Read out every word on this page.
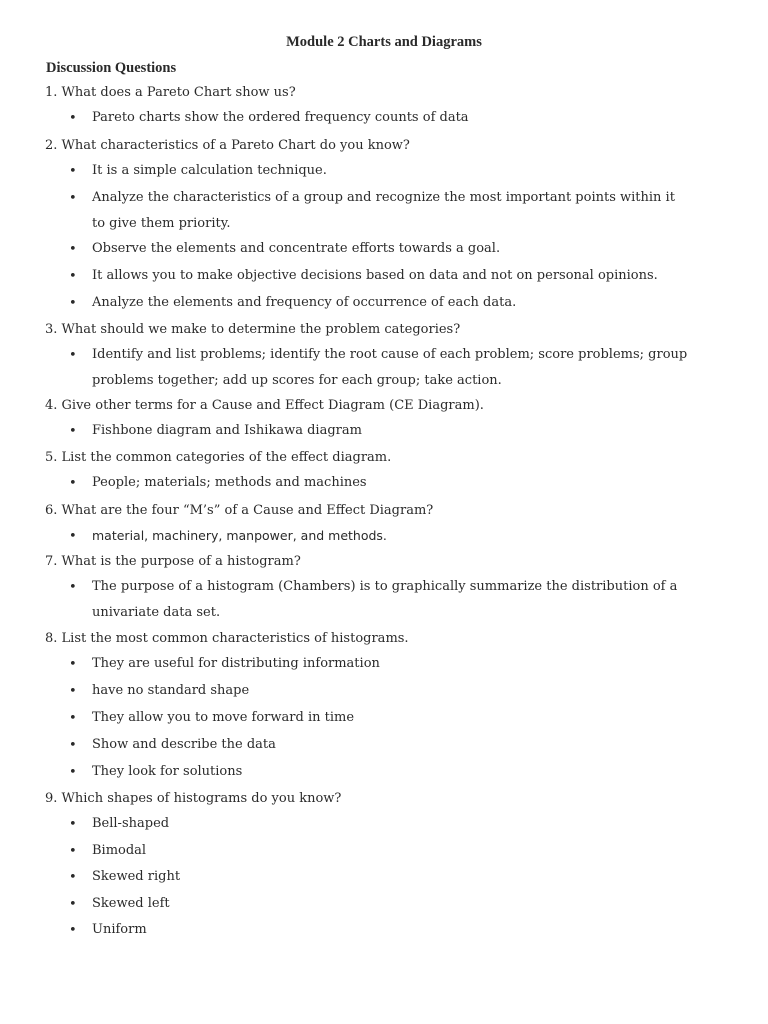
Module 2 Charts and Diagrams
Discussion Questions
1. What does a Pareto Chart show us?
• Pareto charts show the ordered frequency counts of data
2. What characteristics of a Pareto Chart do you know?
• It is a simple calculation technique.
• Analyze the characteristics of a group and recognize the most important points within it to give them priority.
• Observe the elements and concentrate efforts towards a goal.
• It allows you to make objective decisions based on data and not on personal opinions.
• Analyze the elements and frequency of occurrence of each data.
3. What should we make to determine the problem categories?
• Identify and list problems; identify the root cause of each problem; score problems; group problems together; add up scores for each group; take action.
4. Give other terms for a Cause and Effect Diagram (CE Diagram).
• Fishbone diagram and Ishikawa diagram
5. List the common categories of the effect diagram.
• People; materials; methods and machines
6. What are the four “M’s” of a Cause and Effect Diagram?
• material, machinery, manpower, and methods.
7. What is the purpose of a histogram?
• The purpose of a histogram (Chambers) is to graphically summarize the distribution of a univariate data set.
8. List the most common characteristics of histograms.
• They are useful for distributing information
• have no standard shape
• They allow you to move forward in time
• Show and describe the data
• They look for solutions
9. Which shapes of histograms do you know?
• Bell-shaped
• Bimodal
• Skewed right
• Skewed left
• Uniform
